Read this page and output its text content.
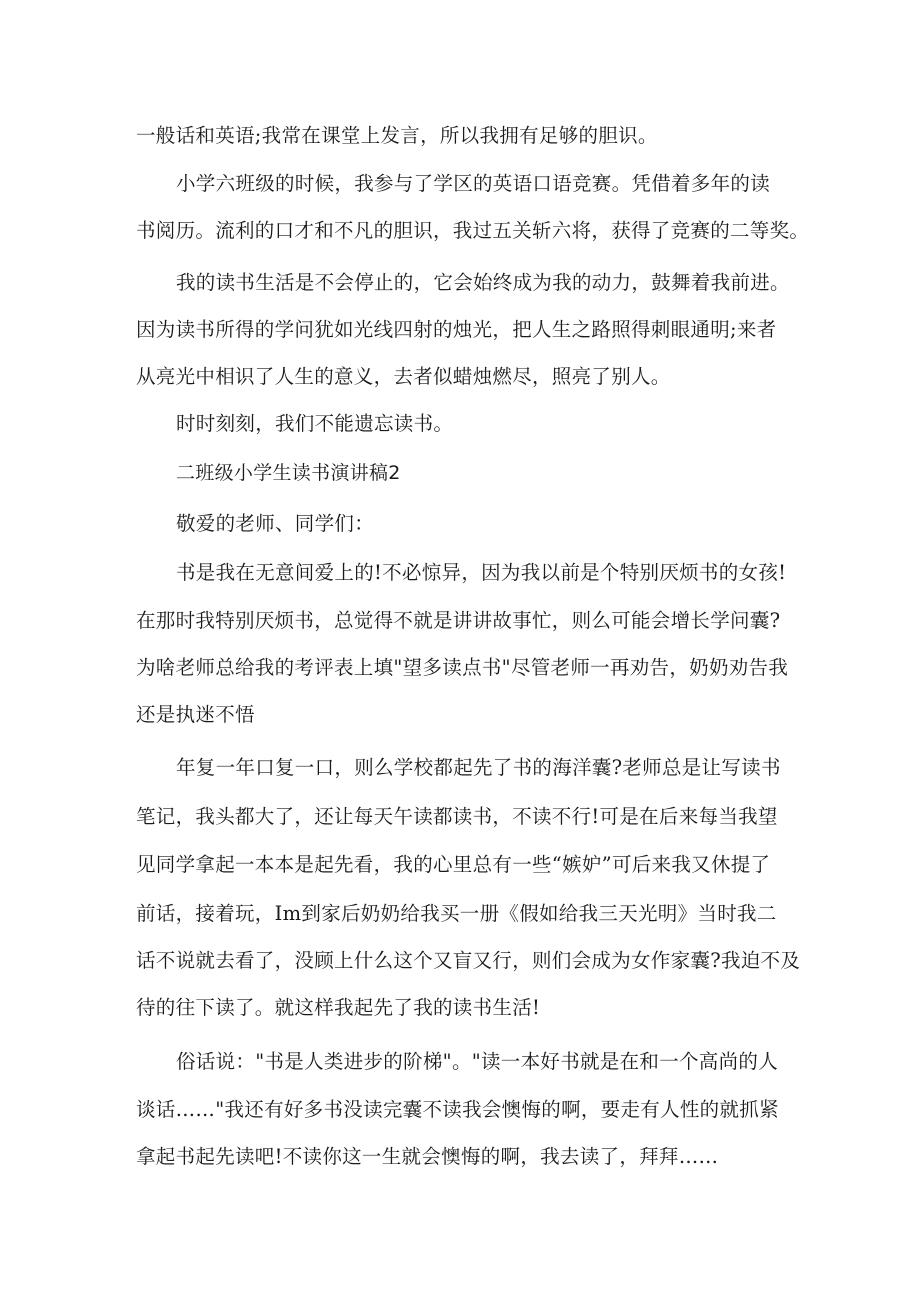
一般话和英语;我常在课堂上发言，所以我拥有足够的胆识。
小学六班级的时候，我参与了学区的英语口语竞赛。凭借着多年的读
书阅历。流利的口才和不凡的胆识，我过五关斩六将，获得了竞赛的二等奖。
我的读书生活是不会停止的，它会始终成为我的动力，鼓舞着我前进。
因为读书所得的学问犹如光线四射的烛光，把人生之路照得刺眼通明;来者
从亮光中相识了人生的意义，去者似蜡烛燃尽，照亮了别人。
时时刻刻，我们不能遗忘读书。
二班级小学生读书演讲稿2
敬爱的老师、同学们：
书是我在无意间爱上的!不必惊异，因为我以前是个特别厌烦书的女孩!
在那时我特别厌烦书，总觉得不就是讲讲故事忙，则么可能会增长学问囊?
为啥老师总给我的考评表上填"望多读点书"尽管老师一再劝告，奶奶劝告我
还是执迷不悟
年复一年口复一口，则么学校都起先了书的海洋囊?老师总是让写读书
笔记，我头都大了，还让每天午读都读书，不读不行!可是在后来每当我望
见同学拿起一本本是起先看，我的心里总有一些“嫉妒”可后来我又休提了
前话，接着玩，Im到家后奶奶给我买一册《假如给我三天光明》当时我二
话不说就去看了，没顾上什么这个又盲又行，则们会成为女作家囊?我迫不及
待的往下读了。就这样我起先了我的读书生活!
俗话说："书是人类进步的阶梯"。"读一本好书就是在和一个高尚的人
谈话……"我还有好多书没读完囊不读我会懊悔的啊，要走有人性的就抓紧
拿起书起先读吧!不读你这一生就会懊悔的啊，我去读了，拜拜……
